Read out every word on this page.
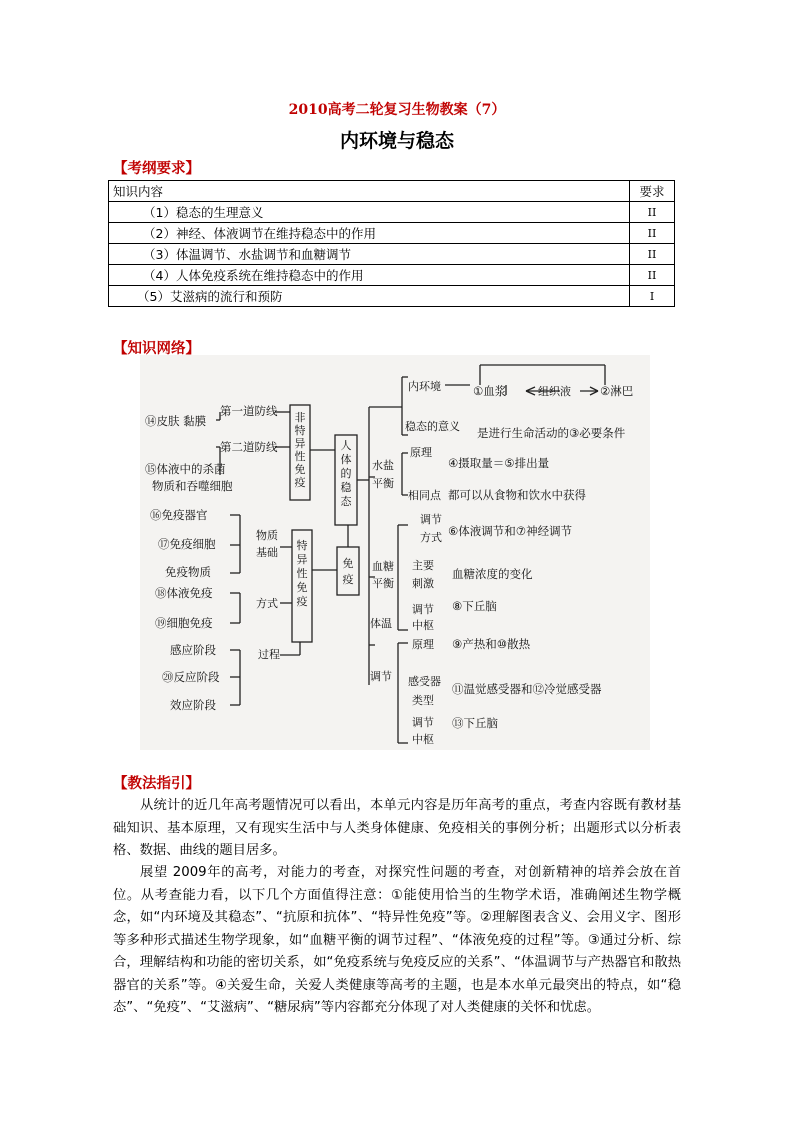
2010高考二轮复习生物教案（7）
内环境与稳态
【考纲要求】
知识内容	要求
（1）稳态的生理意义	II
（2）神经、体液调节在维持稳态中的作用	II
（3）体温调节、水盐调节和血糖调节	II
（4）人体免疫系统在维持稳态中的作用	II
（5）艾滋病的流行和预防	I
【知识网络】
人体的稳态
非特异性免疫
特异性免疫
免疫
第一道防线
第二道防线
⑭皮肤 黏膜
⑮体液中的杀菌
物质和吞噬细胞
物质
基础
⑯免疫器官
⑰免疫细胞
免疫物质
方式
⑱体液免疫
⑲细胞免疫
过程
感应阶段
⑳反应阶段
效应阶段
内环境	①血浆	组织液	②淋巴
稳态的意义 是进行生命活动的③必要条件
水盐
平衡
原理
④摄取量＝⑤排出量
相同点 都可以从食物和饮水中获得
血糖
平衡
调节
方式 ⑥体液调节和⑦神经调节
主要
刺激
血糖浓度的变化
调节
中枢
⑧下丘脑
体温
调节
原理 ⑨产热和⑩散热
感受器
类型
⑪温觉感受器和⑫冷觉感受器
调节
中枢
⑬下丘脑
【教法指引】
从统计的近几年高考题情况可以看出，本单元内容是历年高考的重点，考查内容既有教材基础知识、基本原理，又有现实生活中与人类身体健康、免疫相关的事例分析；出题形式以分析表格、数据、曲线的题目居多。
展望 2009年的高考，对能力的考查，对探究性问题的考查，对创新精神的培养会放在首位。从考查能力看，以下几个方面值得注意：①能使用恰当的生物学术语，准确阐述生物学概念，如“内环境及其稳态”、“抗原和抗体”、“特异性免疫”等。②理解图表含义、会用义字、图形等多种形式描述生物学现象，如“血糖平衡的调节过程”、“体液免疫的过程”等。③通过分析、综合，理解结构和功能的密切关系，如“免疫系统与免疫反应的关系”、“体温调节与产热器官和散热器官的关系”等。④关爱生命，关爱人类健康等高考的主题，也是本水单元最突出的特点，如“稳态”、“免疫”、“艾滋病”、“糖尿病”等内容都充分体现了对人类健康的关怀和忧虑。
